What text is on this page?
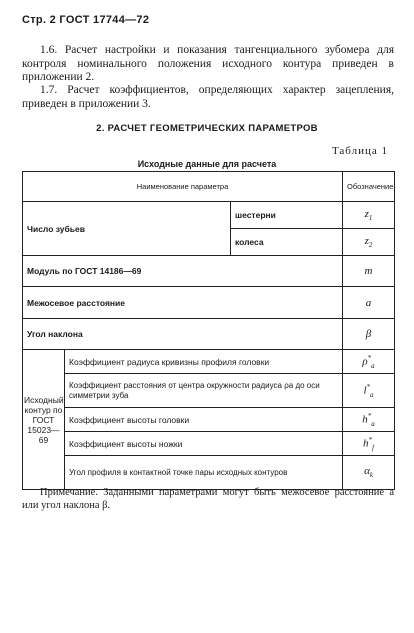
Стр. 2 ГОСТ 17744—72

1.6. Расчет настройки и показания тангенциального зубомера для контроля номинального положения исходного контура приведен в приложении 2.

1.7. Расчет коэффициентов, определяющих характер зацепления, приведен в приложении 3.

2. РАСЧЕТ ГЕОМЕТРИЧЕСКИХ ПАРАМЕТРОВ
Таблица 1
Исходные данные для расчета
Наименование параметра			Обозначение
Число зубьев		шестерни	$z_1$
		колеса	$z_2$
Модуль по ГОСТ 14186—69			m
Межосевое расстояние			a
Угол наклона			β
Исходный контур по ГОСТ 15023—69	Коэффициент радиуса кривизны профиля головки		$\rho^*_a$
	Коэффициент расстояния от центра окружности радиуса ρa до оси симметрии зуба		$l^*_a$
	Коэффициент высоты головки		$h^*_a$
	Коэффициент высоты ножки		$h^*_f$
	Угол профиля в контактной точке пары исходных контуров		$\alpha_k$

Примечание. Заданными параметрами могут быть межосевое расстояние a или угол наклона β.
